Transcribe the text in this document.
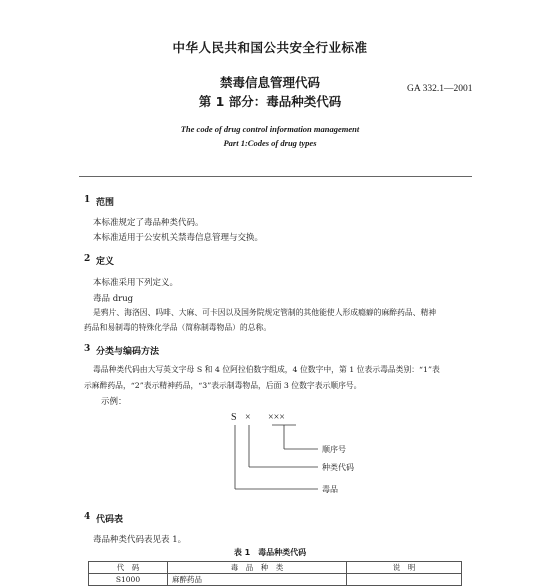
中华人民共和国公共安全行业标准
禁毒信息管理代码
第 1 部分：毒品种类代码
GA 332.1—2001
The code of drug control information management
Part 1:Codes of drug types
1 范围
本标准规定了毒品种类代码。
本标准适用于公安机关禁毒信息管理与交换。
2 定义
本标准采用下列定义。
毒品 drug
是鸦片、海洛因、吗啡、大麻、可卡因以及国务院规定管制的其他能使人形成瘾癖的麻醉药品、精神
药品和易制毒的特殊化学品（简称制毒物品）的总称。
3 分类与编码方法
毒品种类代码由大写英文字母 S 和 4 位阿拉伯数字组成，4 位数字中，第 1 位表示毒品类别：“1”表
示麻醉药品，“2”表示精神药品，“3”表示制毒物品，后面 3 位数字表示顺序号。
示例：
S × ×××
顺序号
种类代码
毒品
4 代码表
毒品种类代码表见表 1。
表 1　毒品种类代码
代　码	毒　品　种　类	说　明
S1000	麻醉药品	
